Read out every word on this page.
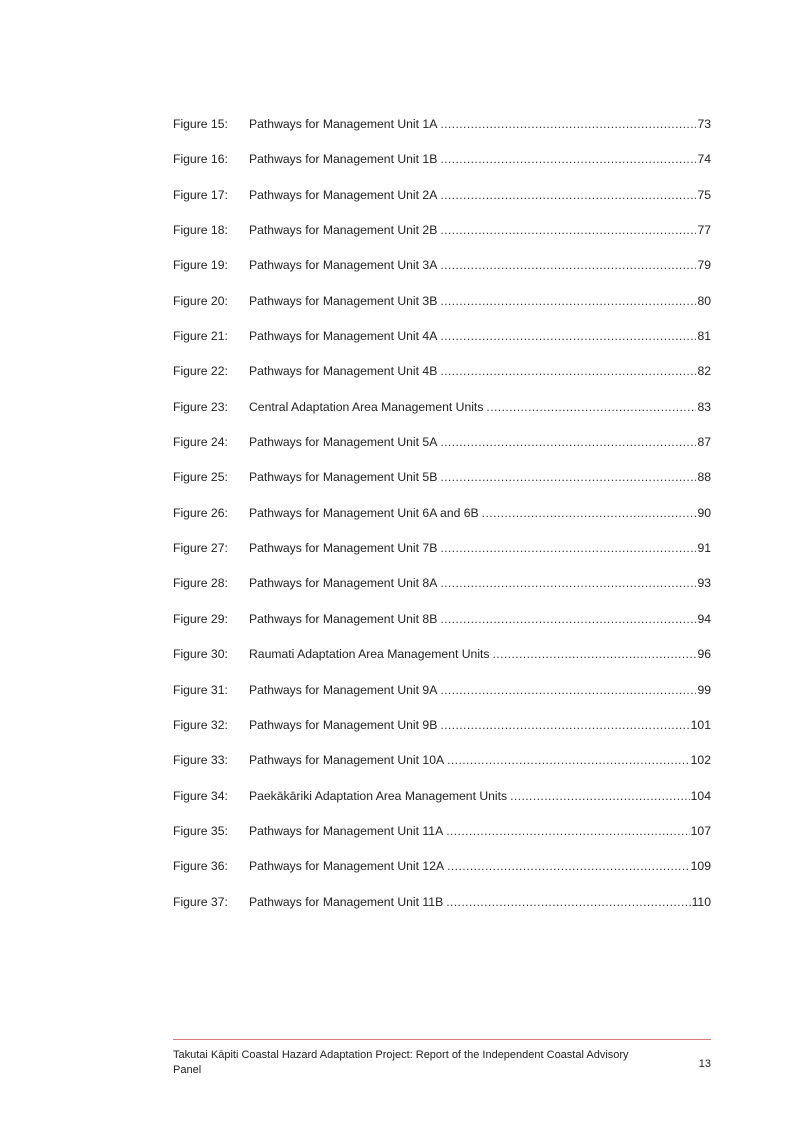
Figure 15:	Pathways for Management Unit 1A .....	73
Figure 16:	Pathways for Management Unit 1B .....	74
Figure 17:	Pathways for Management Unit 2A .....	75
Figure 18:	Pathways for Management Unit 2B .....	77
Figure 19:	Pathways for Management Unit 3A .....	79
Figure 20:	Pathways for Management Unit 3B .....	80
Figure 21:	Pathways for Management Unit 4A .....	81
Figure 22:	Pathways for Management Unit 4B .....	82
Figure 23:	Central Adaptation Area Management Units .....	83
Figure 24:	Pathways for Management Unit 5A .....	87
Figure 25:	Pathways for Management Unit 5B .....	88
Figure 26:	Pathways for Management Unit 6A and 6B .....	90
Figure 27:	Pathways for Management Unit 7B .....	91
Figure 28:	Pathways for Management Unit 8A .....	93
Figure 29:	Pathways for Management Unit 8B .....	94
Figure 30:	Raumati Adaptation Area Management Units .....	96
Figure 31:	Pathways for Management Unit 9A .....	99
Figure 32:	Pathways for Management Unit 9B .....	101
Figure 33:	Pathways for Management Unit 10A .....	102
Figure 34:	Paekākāriki Adaptation Area Management Units .....	104
Figure 35:	Pathways for Management Unit 11A .....	107
Figure 36:	Pathways for Management Unit 12A .....	109
Figure 37:	Pathways for Management Unit 11B .....	110
Takutai Kāpiti Coastal Hazard Adaptation Project: Report of the Independent Coastal Advisory Panel	13
